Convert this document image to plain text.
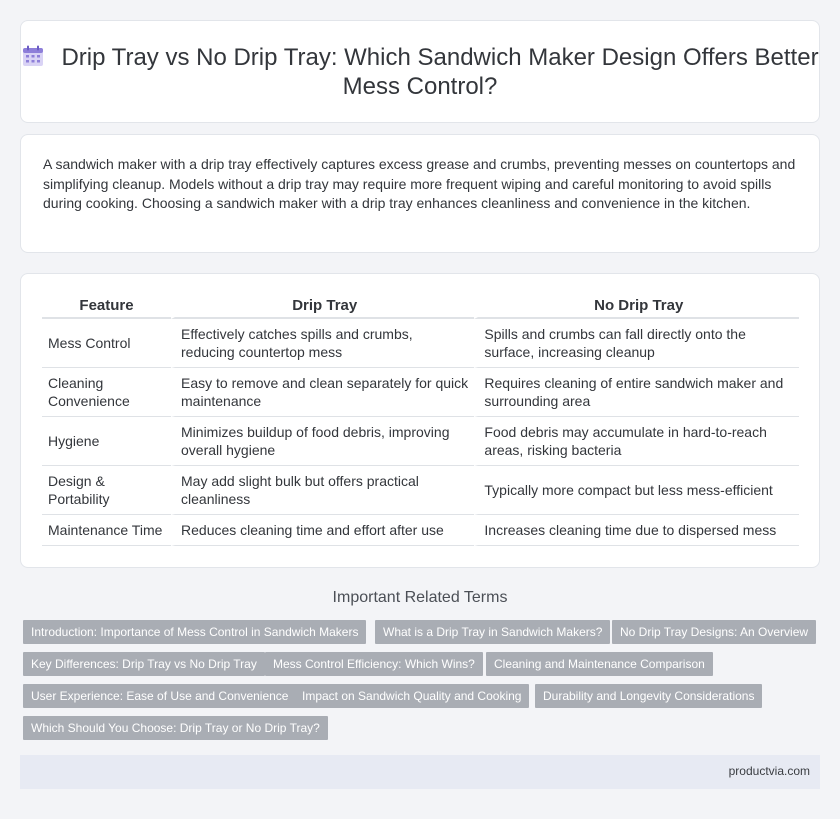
Drip Tray vs No Drip Tray: Which Sandwich Maker Design Offers Better Mess Control?

A sandwich maker with a drip tray effectively captures excess grease and crumbs, preventing messes on countertops and simplifying cleanup. Models without a drip tray may require more frequent wiping and careful monitoring to avoid spills during cooking. Choosing a sandwich maker with a drip tray enhances cleanliness and convenience in the kitchen.

Feature	Drip Tray	No Drip Tray
Mess Control	Effectively catches spills and crumbs, reducing countertop mess	Spills and crumbs can fall directly onto the surface, increasing cleanup
Cleaning Convenience	Easy to remove and clean separately for quick maintenance	Requires cleaning of entire sandwich maker and surrounding area
Hygiene	Minimizes buildup of food debris, improving overall hygiene	Food debris may accumulate in hard-to-reach areas, risking bacteria
Design & Portability	May add slight bulk but offers practical cleanliness	Typically more compact but less mess-efficient
Maintenance Time	Reduces cleaning time and effort after use	Increases cleaning time due to dispersed mess
Important Related Terms
Introduction: Importance of Mess Control in Sandwich Makers	What is a Drip Tray in Sandwich Makers?	No Drip Tray Designs: An Overview
Key Differences: Drip Tray vs No Drip Tray	Mess Control Efficiency: Which Wins?	Cleaning and Maintenance Comparison
User Experience: Ease of Use and Convenience	Impact on Sandwich Quality and Cooking	Durability and Longevity Considerations
Which Should You Choose: Drip Tray or No Drip Tray?
productvia.com
